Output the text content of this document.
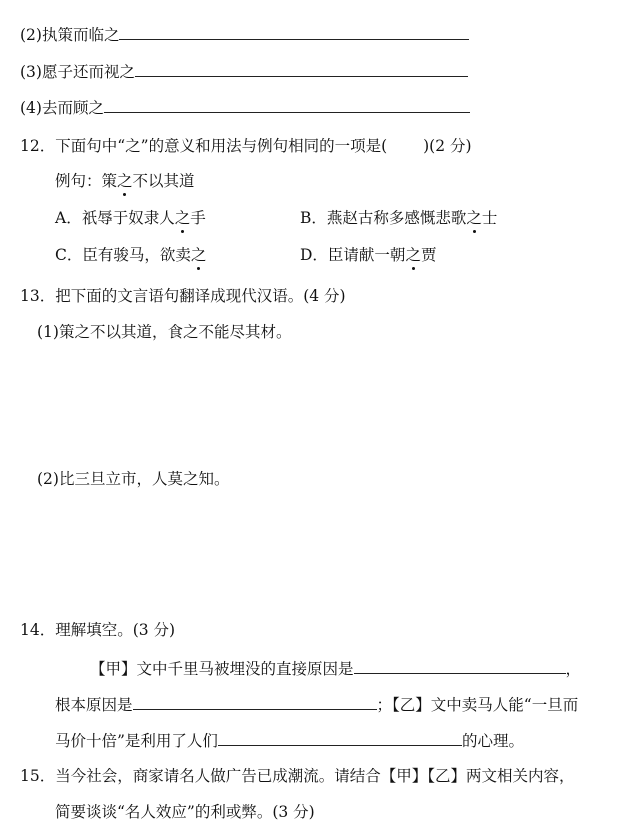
(2)执策而临之
(3)愿子还而视之
(4)去而顾之
12．下面句中“之”的意义和用法与例句相同的一项是( )(2 分)
例句：策之不以其道
A．祇辱于奴隶人之手	B．燕赵古称多感慨悲歌之士
C．臣有骏马，欲卖之	D．臣请献一朝之贾
13．把下面的文言语句翻译成现代汉语。(4 分)
(1)策之不以其道，食之不能尽其材。
(2)比三旦立市，人莫之知。
14．理解填空。(3 分)
【甲】文中千里马被埋没的直接原因是	，
根本原因是	；【乙】文中卖马人能“一旦而
马价十倍”是利用了人们	的心理。
15．当今社会，商家请名人做广告已成潮流。请结合【甲】【乙】两文相关内容，
简要谈谈“名人效应”的利或弊。(3 分)
